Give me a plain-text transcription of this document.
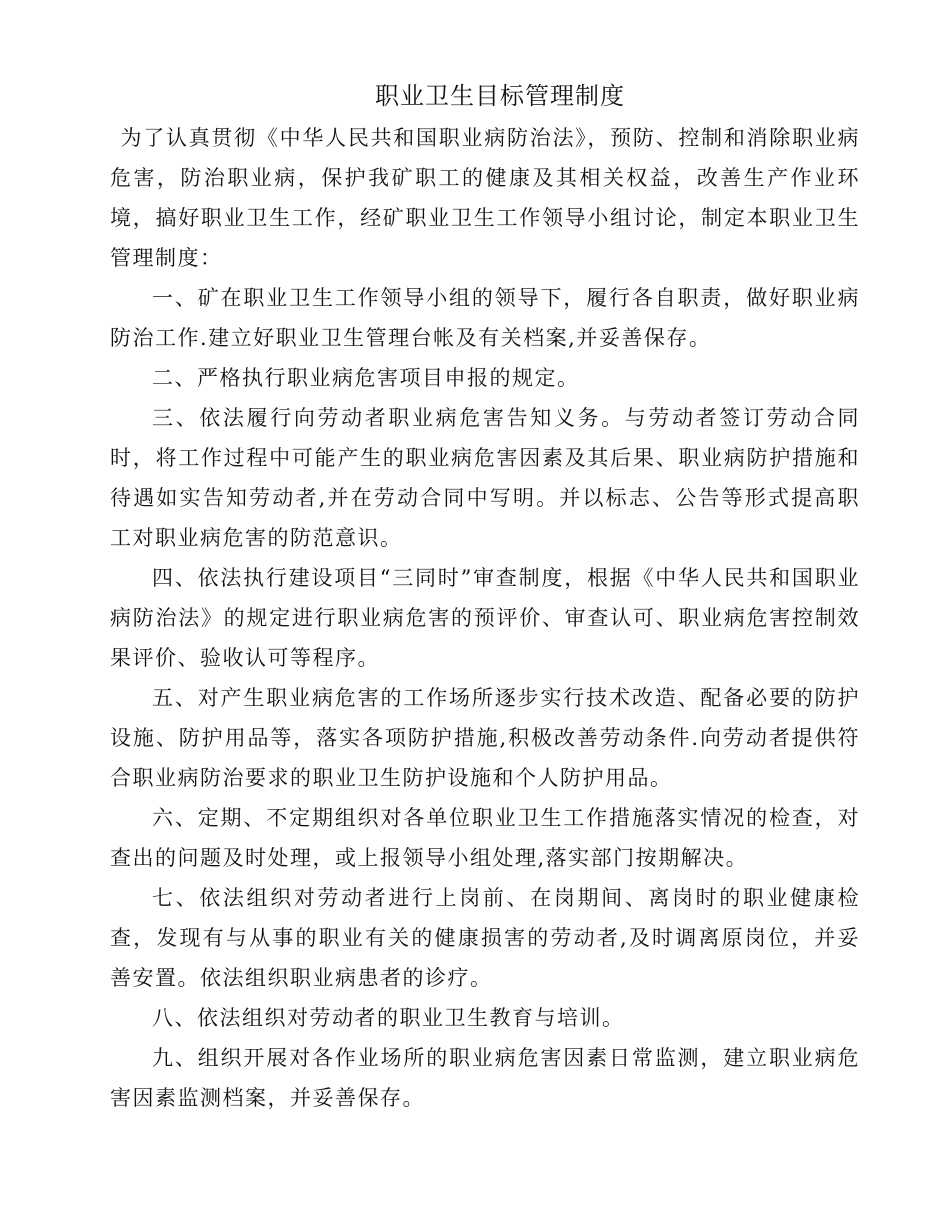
职业卫生目标管理制度

为了认真贯彻《中华人民共和国职业病防治法》，预防、控制和消除职业病危害，防治职业病，保护我矿职工的健康及其相关权益，改善生产作业环境，搞好职业卫生工作，经矿职业卫生工作领导小组讨论，制定本职业卫生管理制度：

一、矿在职业卫生工作领导小组的领导下，履行各自职责，做好职业病防治工作.建立好职业卫生管理台帐及有关档案,并妥善保存。

二、严格执行职业病危害项目申报的规定。

三、依法履行向劳动者职业病危害告知义务。与劳动者签订劳动合同时，将工作过程中可能产生的职业病危害因素及其后果、职业病防护措施和待遇如实告知劳动者,并在劳动合同中写明。并以标志、公告等形式提高职工对职业病危害的防范意识。

四、依法执行建设项目“三同时”审查制度，根据《中华人民共和国职业病防治法》的规定进行职业病危害的预评价、审查认可、职业病危害控制效果评价、验收认可等程序。

五、对产生职业病危害的工作场所逐步实行技术改造、配备必要的防护设施、防护用品等，落实各项防护措施,积极改善劳动条件.向劳动者提供符合职业病防治要求的职业卫生防护设施和个人防护用品。

六、定期、不定期组织对各单位职业卫生工作措施落实情况的检查，对查出的问题及时处理，或上报领导小组处理,落实部门按期解决。

七、依法组织对劳动者进行上岗前、在岗期间、离岗时的职业健康检查，发现有与从事的职业有关的健康损害的劳动者,及时调离原岗位，并妥善安置。依法组织职业病患者的诊疗。

八、依法组织对劳动者的职业卫生教育与培训。

九、组织开展对各作业场所的职业病危害因素日常监测，建立职业病危害因素监测档案，并妥善保存。
